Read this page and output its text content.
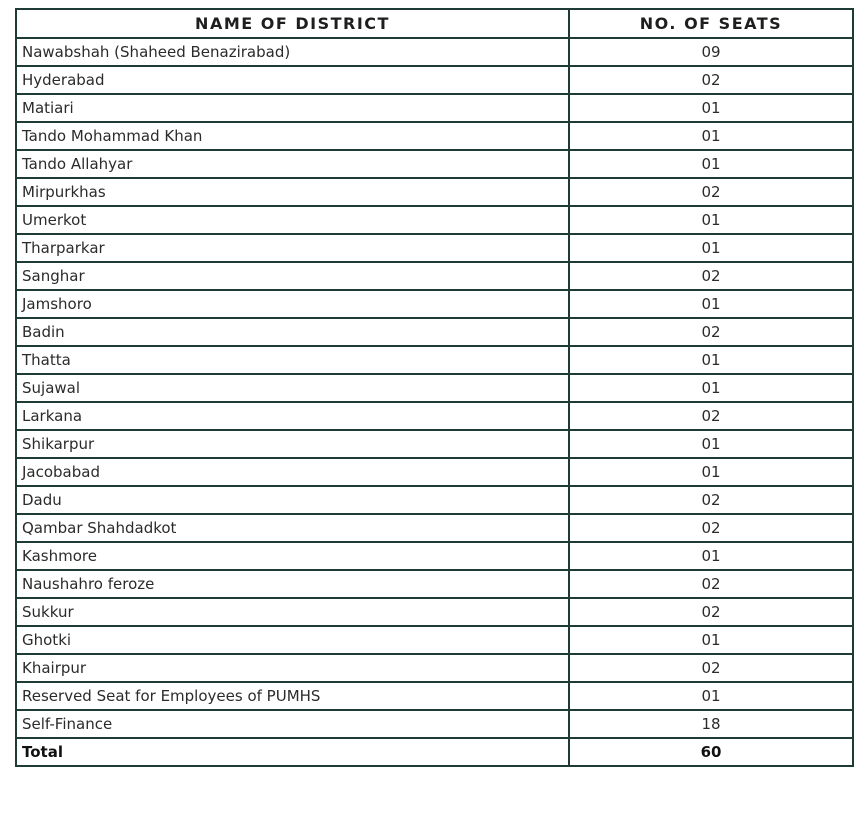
NAME OF DISTRICT	NO. OF SEATS
Nawabshah (Shaheed Benazirabad)	09
Hyderabad	02
Matiari	01
Tando Mohammad Khan	01
Tando Allahyar	01
Mirpurkhas	02
Umerkot	01
Tharparkar	01
Sanghar	02
Jamshoro	01
Badin	02
Thatta	01
Sujawal	01
Larkana	02
Shikarpur	01
Jacobabad	01
Dadu	02
Qambar Shahdadkot	02
Kashmore	01
Naushahro feroze	02
Sukkur	02
Ghotki	01
Khairpur	02
Reserved Seat for Employees of PUMHS	01
Self-Finance	18
Total	60
